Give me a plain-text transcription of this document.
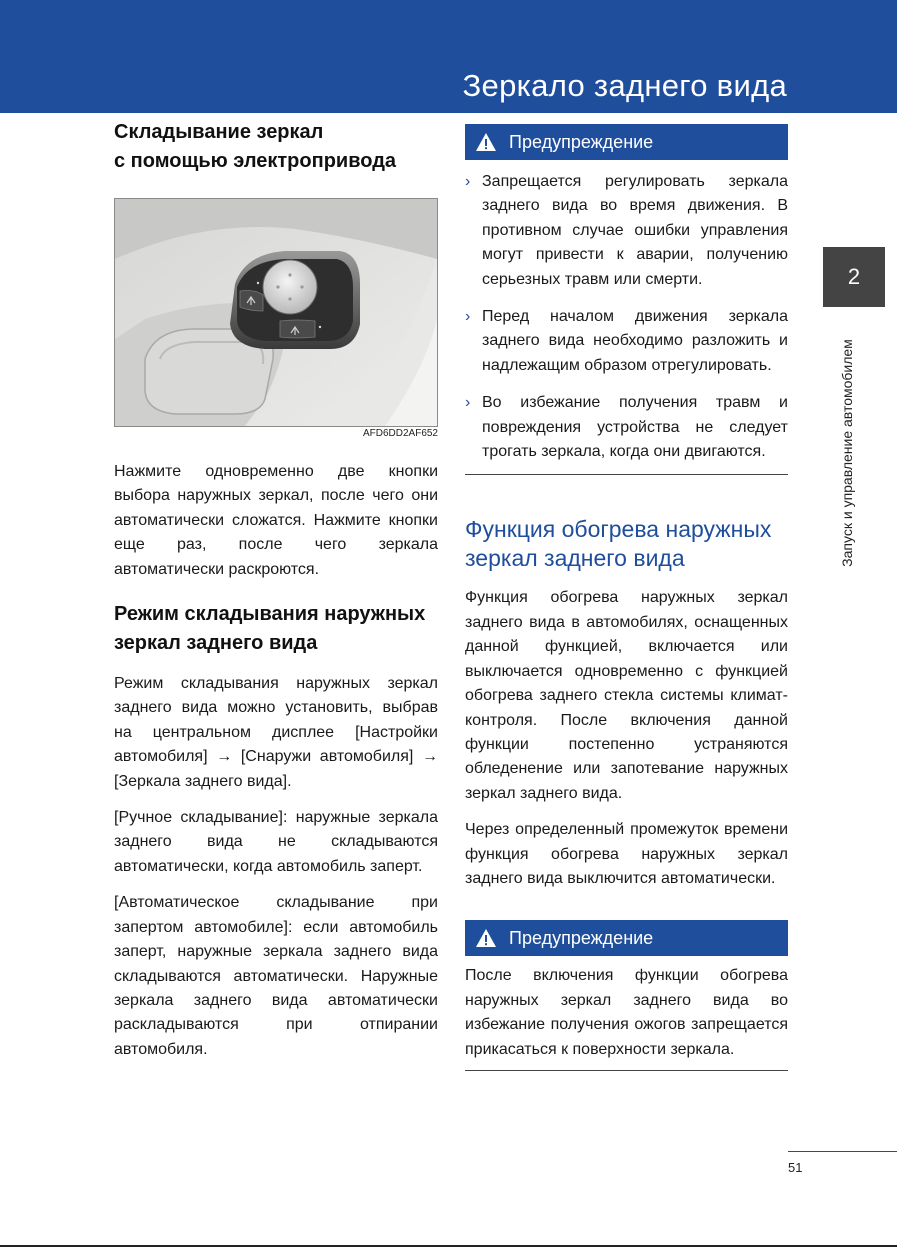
Зеркало заднего вида
Складывание зеркал
с помощью электропривода
AFD6DD2AF652

Нажмите одновременно две кнопки выбора наружных зеркал, после чего они автоматически сложатся. Нажмите кнопки еще раз, после чего зеркала автоматически раскроются.

Режим складывания наружных
зеркал заднего вида

Режим складывания наружных зеркал заднего вида можно установить, выбрав на центральном дисплее [Настройки автомобиля] → [Снаружи автомобиля] → [Зеркала заднего вида].

[Ручное складывание]: наружные зеркала заднего вида не складываются автоматически, когда автомобиль заперт.

[Автоматическое складывание при запертом автомобиле]: если автомобиль заперт, наружные зеркала заднего вида складываются автоматически. Наружные зеркала заднего вида автоматически раскладываются при отпирании автомобиля.

Предупреждение
› Запрещается регулировать зеркала заднего вида во время движения. В противном случае ошибки управления могут привести к аварии, получению серьезных травм или смерти.
› Перед началом движения зеркала заднего вида необходимо разложить и надлежащим образом отрегулировать.
› Во избежание получения травм и повреждения устройства не следует трогать зеркала, когда они двигаются.
Функция обогрева наружных
зеркал заднего вида

Функция обогрева наружных зеркал заднего вида в автомобилях, оснащенных данной функцией, включается или выключается одновременно с функцией обогрева заднего стекла системы климат-контроля. После включения данной функции постепенно устраняются обледенение или запотевание наружных зеркал заднего вида.

Через определенный промежуток времени функция обогрева наружных зеркал заднего вида выключится автоматически.

Предупреждение

После включения функции обогрева наружных зеркал заднего вида во избежание получения ожогов запрещается прикасаться к поверхности зеркала.

2
Запуск и управление автомобилем
51
